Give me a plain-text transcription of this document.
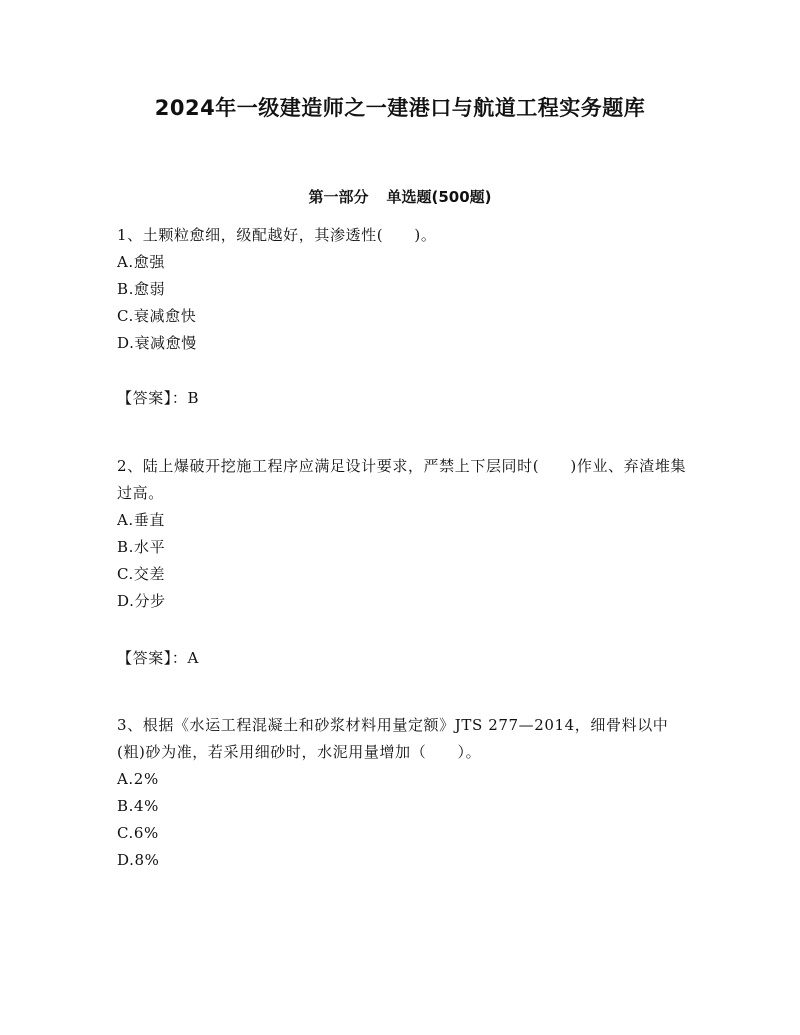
2024年一级建造师之一建港口与航道工程实务题库
第一部分 单选题(500题)

1、土颗粒愈细，级配越好，其渗透性(　　)。

A.愈强

B.愈弱

C.衰减愈快

D.衰减愈慢

【答案】：B

2、陆上爆破开挖施工程序应满足设计要求，严禁上下层同时(　　)作业、弃渣堆集过高。

A.垂直

B.水平

C.交差

D.分步

【答案】：A

3、根据《水运工程混凝土和砂浆材料用量定额》JTS 277—2014，细骨料以中(粗)砂为准，若采用细砂时，水泥用量增加（　　）。

A.2%

B.4%

C.6%

D.8%
